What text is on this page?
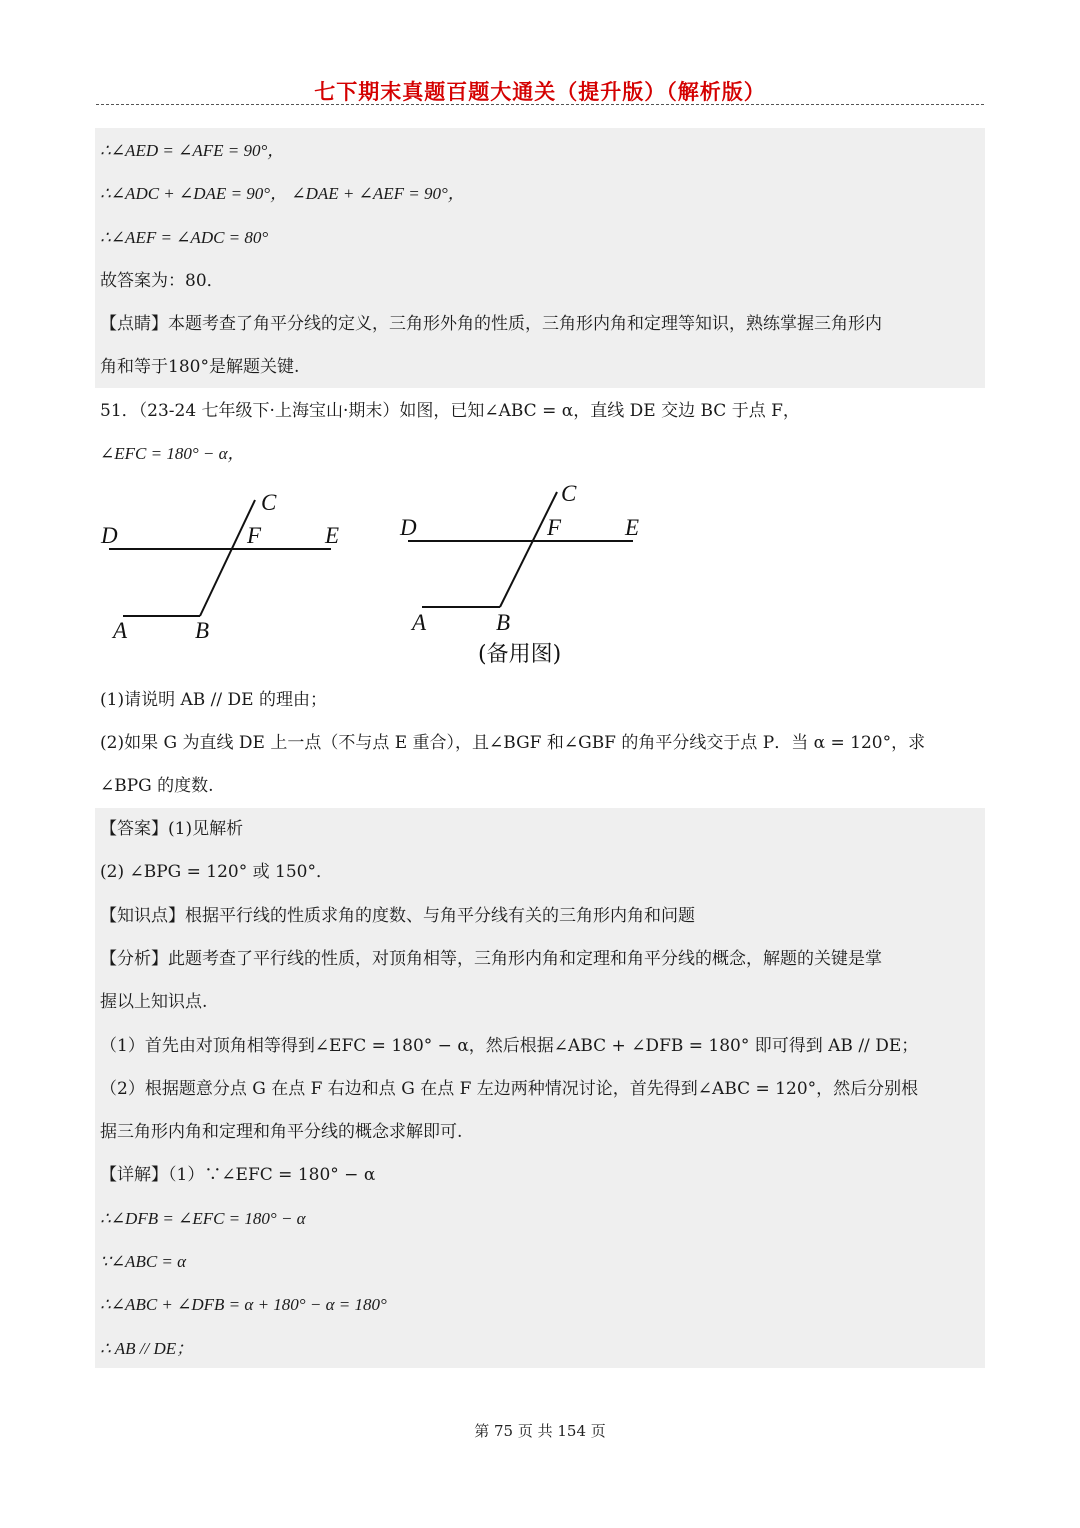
七下期末真题百题大通关（提升版）（解析版）
∴∠AED = ∠AFE = 90°，
∴∠ADC + ∠DAE = 90°， ∠DAE + ∠AEF = 90°，
∴∠AEF = ∠ADC = 80°
故答案为：80．
【点睛】本题考查了角平分线的定义，三角形外角的性质，三角形内角和定理等知识，熟练掌握三角形内
角和等于180°是解题关键.
51．（23-24 七年级下·上海宝山·期末）如图，已知∠ABC = α，直线 DE 交边 BC 于点 F，
∠EFC = 180° − α，
D	F	E
C
A	B
D	F	E
C
A	B
(备用图)
(1)请说明 AB // DE 的理由；
(2)如果 G 为直线 DE 上一点（不与点 E 重合），且∠BGF 和∠GBF 的角平分线交于点 P．当 α = 120°，求
∠BPG 的度数.
【答案】(1)见解析
(2) ∠BPG = 120° 或 150°．
【知识点】根据平行线的性质求角的度数、与角平分线有关的三角形内角和问题
【分析】此题考查了平行线的性质，对顶角相等，三角形内角和定理和角平分线的概念，解题的关键是掌
握以上知识点.
（1）首先由对顶角相等得到∠EFC = 180° − α，然后根据∠ABC + ∠DFB = 180° 即可得到 AB // DE；
（2）根据题意分点 G 在点 F 右边和点 G 在点 F 左边两种情况讨论，首先得到∠ABC = 120°，然后分别根
据三角形内角和定理和角平分线的概念求解即可.
【详解】（1）∵∠EFC = 180° − α
∴∠DFB = ∠EFC = 180° − α
∵∠ABC = α
∴∠ABC + ∠DFB = α + 180° − α = 180°
∴ AB // DE；
第 75 页 共 154 页
